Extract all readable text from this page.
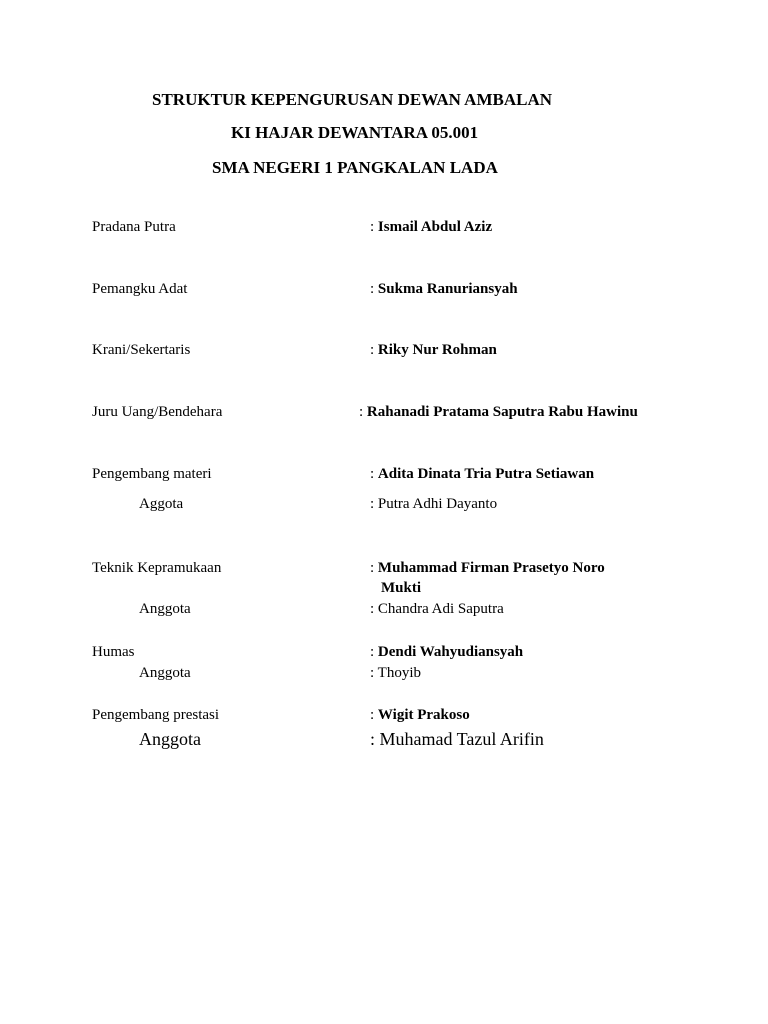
STRUKTUR KEPENGURUSAN DEWAN AMBALAN
KI HAJAR DEWANTARA 05.001
SMA NEGERI 1 PANGKALAN LADA
Pradana Putra	: Ismail Abdul Aziz
Pemangku Adat	: Sukma Ranuriansyah
Krani/Sekertaris	: Riky Nur Rohman
Juru Uang/Bendehara	: Rahanadi Pratama Saputra Rabu Hawinu
Pengembang materi	: Adita Dinata Tria Putra Setiawan
Aggota	: Putra Adhi Dayanto
Teknik Kepramukaan	: Muhammad Firman Prasetyo Noro
Mukti
Anggota	: Chandra Adi Saputra
Humas	: Dendi Wahyudiansyah
Anggota	: Thoyib
Pengembang prestasi	: Wigit Prakoso
Anggota	: Muhamad Tazul Arifin
